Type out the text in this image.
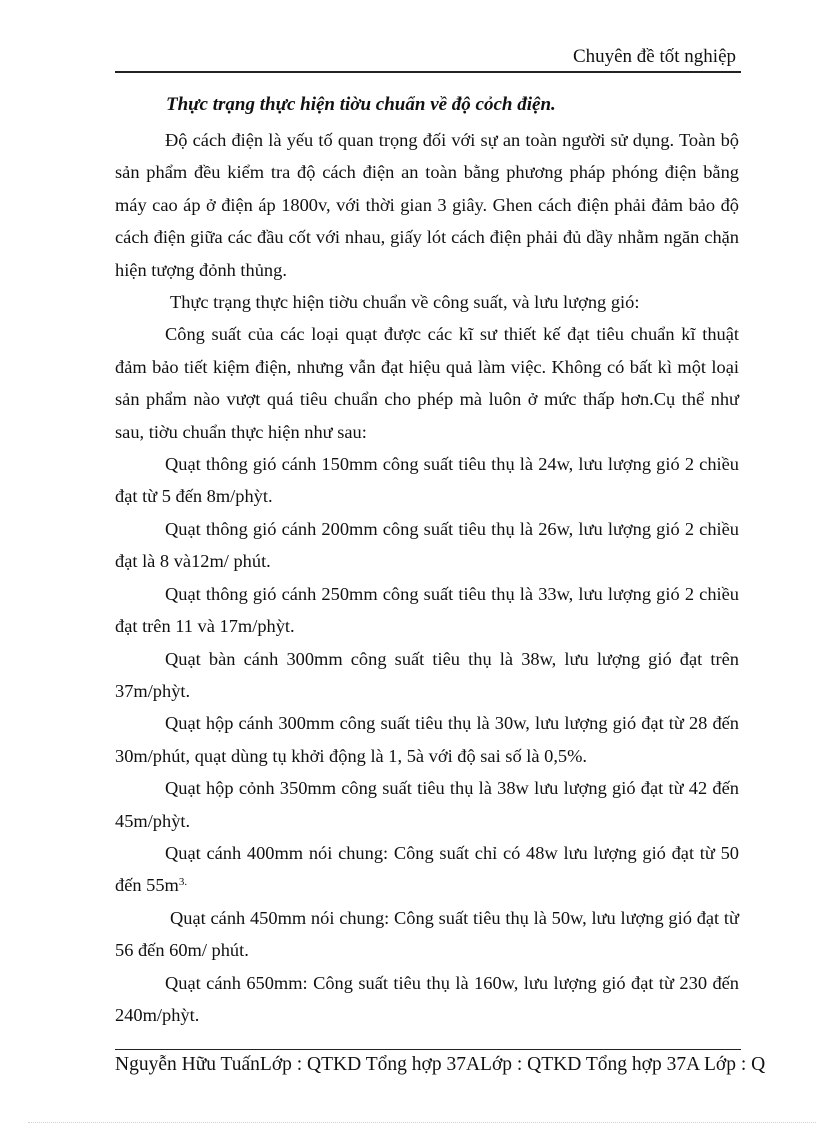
Chuyên đề tốt nghiệp
Thực trạng thực hiện tiờu chuẩn về độ cỏch điện.

Độ cách điện là yếu tố quan trọng đối với sự an toàn người sử dụng. Toàn bộ sản phẩm đều kiểm tra độ cách điện an toàn bằng phương pháp phóng điện bằng máy cao áp ở điện áp 1800v, với thời gian 3 giây. Ghen cách điện phải đảm bảo độ cách điện giữa các đầu cốt với nhau, giấy lót cách điện phải đủ dầy nhằm ngăn chặn hiện tượng đỏnh thủng.

Thực trạng thực hiện tiờu chuẩn về công suất, và lưu lượng gió:

Công suất của các loại quạt được các kĩ sư thiết kế đạt tiêu chuẩn kĩ thuật đảm bảo tiết kiệm điện, nhưng vẫn đạt hiệu quả làm việc. Không có bất kì một loại sản phẩm nào vượt quá tiêu chuẩn cho phép mà luôn ở mức thấp hơn.Cụ thể như sau, tiờu chuẩn thực hiện như sau:

Quạt thông gió cánh 150mm công suất tiêu thụ là 24w, lưu lượng gió 2 chiều đạt từ 5 đến 8m/phỳt.

Quạt thông gió cánh 200mm công suất tiêu thụ là 26w, lưu lượng gió 2 chiều đạt là 8 và12m/ phút.

Quạt thông gió cánh 250mm công suất tiêu thụ là 33w, lưu lượng gió 2 chiều đạt trên 11 và 17m/phỳt.

Quạt bàn cánh 300mm công suất tiêu thụ là 38w, lưu lượng gió đạt trên 37m/phỳt.

Quạt hộp cánh 300mm công suất tiêu thụ là 30w, lưu lượng gió đạt từ 28 đến 30m/phút, quạt dùng tụ khởi động là 1, 5à với độ sai số là 0,5%.

Quạt hộp cỏnh 350mm công suất tiêu thụ là 38w lưu lượng gió đạt từ 42 đến 45m/phỳt.

Quạt cánh 400mm nói chung: Công suất chỉ có 48w lưu lượng gió đạt từ 50 đến $55m^{3.}$

Quạt cánh 450mm nói chung: Công suất tiêu thụ là 50w, lưu lượng gió đạt từ 56 đến 60m/ phút.

Quạt cánh 650mm: Công suất tiêu thụ là 160w, lưu lượng gió đạt từ 230 đến 240m/phỳt.

Nguyễn Hữu TuấnLớp : QTKD Tổng hợp 37ALớp : QTKD Tổng hợp 37A Lớp : Q
